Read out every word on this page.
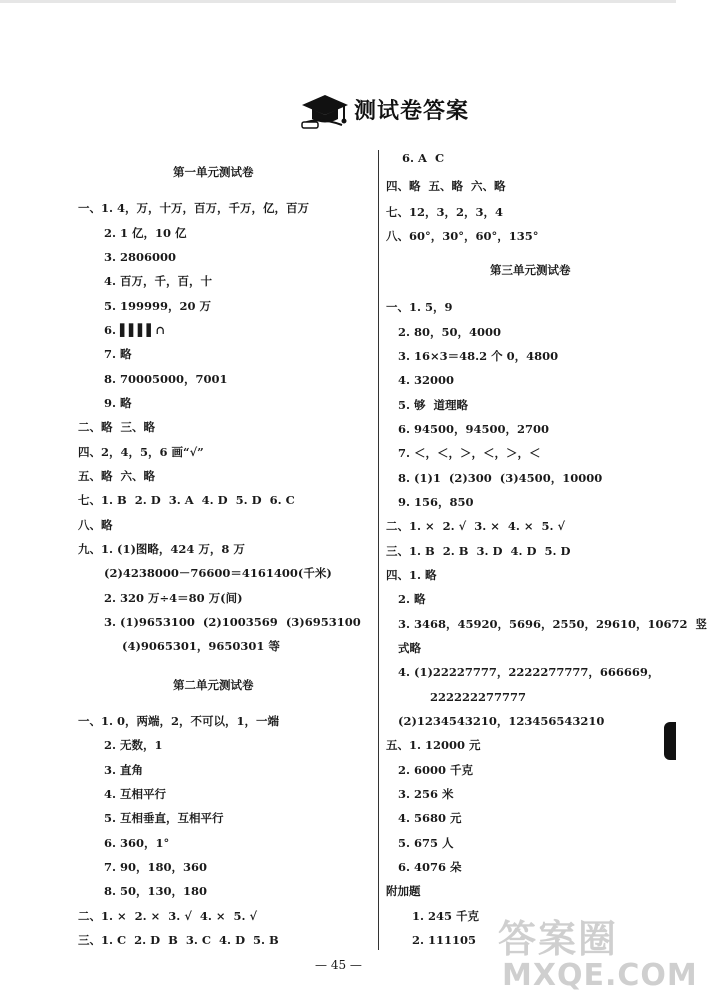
测试卷答案
第一单元测试卷
一、1. 4，万，十万，百万，千万，亿，百万
2. 1 亿，10 亿
3. 2806000
4. 百万，千，百，十
5. 199999，20 万
6. ▌▌▌▌∩
7. 略
8. 70005000，7001
9. 略
二、略  三、略
四、2，4，5，6 画“√”
五、略  六、略
七、1. B  2. D  3. A  4. D  5. D  6. C
八、略
九、1. (1)图略，424 万，8 万
(2)4238000－76600＝4161400(千米)
2. 320 万÷4＝80 万(间)
3. (1)9653100  (2)1003569  (3)6953100
(4)9065301，9650301 等
第二单元测试卷
一、1. 0，两端，2，不可以，1，一端
2. 无数，1
3. 直角
4. 互相平行
5. 互相垂直，互相平行
6. 360，1°
7. 90，180，360
8. 50，130，180
二、1. ×  2. ×  3. √  4. ×  5. √
三、1. C  2. D  B  3. C  4. D  5. B
6. A  C
四、略  五、略  六、略
七、12，3，2，3，4
八、60°，30°，60°，135°
第三单元测试卷
一、1. 5，9
2. 80，50，4000
3. 16×3＝48.2 个 0，4800
4. 32000
5. 够  道理略
6. 94500，94500，2700
7. ＜，＜，＞，＜，＞，＜
8. (1)1  (2)300  (3)4500，10000
9. 156，850
二、1. ×  2. √  3. ×  4. ×  5. √
三、1. B  2. B  3. D  4. D  5. D
四、1. 略
2. 略
3. 3468，45920，5696，2550，29610，10672  竖
式略
4. (1)22227777，2222277777，666669，
222222277777
(2)1234543210，123456543210
五、1. 12000 元
2. 6000 千克
3. 256 米
4. 5680 元
5. 675 人
6. 4076 朵
附加题
1. 245 千克
2. 111105
— 45 —
答案圈
MXQE.COM
